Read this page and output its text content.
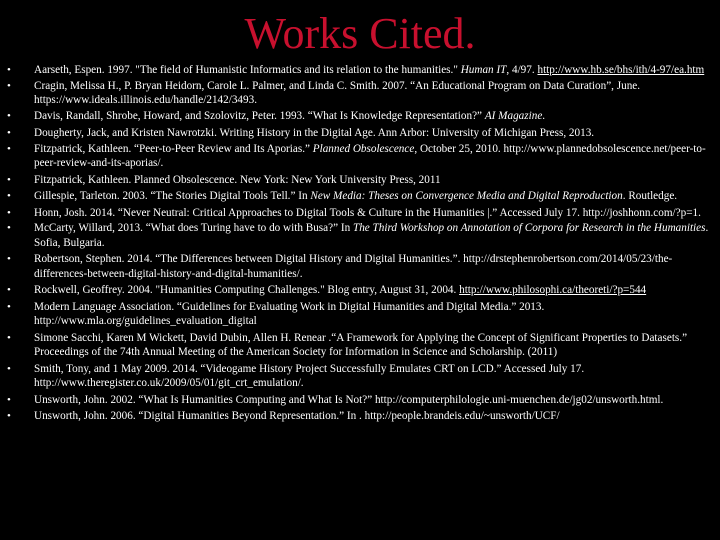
Works Cited.
• Aarseth, Espen. 1997. "The field of Humanistic Informatics and its relation to the humanities." Human IT, 4/97. http://www.hb.se/bhs/ith/4-97/ea.htm
• Cragin, Melissa H., P. Bryan Heidorn, Carole L. Palmer, and Linda C. Smith. 2007. “An Educational Program on Data Curation”, June. https://www.ideals.illinois.edu/handle/2142/3493.
• Davis, Randall, Shrobe, Howard, and Szolovitz, Peter. 1993. “What Is Knowledge Representation?” AI Magazine.
• Dougherty, Jack, and Kristen Nawrotzki. Writing History in the Digital Age. Ann Arbor: University of Michigan Press, 2013.
• Fitzpatrick, Kathleen. “Peer-to-Peer Review and Its Aporias.” Planned Obsolescence, October 25, 2010. http://www.plannedobsolescence.net/peer-to-peer-review-and-its-aporias/.
• Fitzpatrick, Kathleen. Planned Obsolescence. New York: New York University Press, 2011
• Gillespie, Tarleton. 2003. “The Stories Digital Tools Tell.” In New Media: Theses on Convergence Media and Digital Reproduction. Routledge.
• Honn, Josh. 2014. “Never Neutral: Critical Approaches to Digital Tools & Culture in the Humanities |.” Accessed July 17. http://joshhonn.com/?p=1.
• McCarty, Willard, 2013. “What does Turing have to do with Busa?” In The Third Workshop on Annotation of Corpora for Research in the Humanities. Sofia, Bulgaria.
• Robertson, Stephen. 2014. “The Differences between Digital History and Digital Humanities.”. http://drstephenrobertson.com/2014/05/23/the-differences-between-digital-history-and-digital-humanities/.
• Rockwell, Geoffrey. 2004. "Humanities Computing Challenges." Blog entry, August 31, 2004. http://www.philosophi.ca/theoreti/?p=544
• Modern Language Association. “Guidelines for Evaluating Work in Digital Humanities and Digital Media.” 2013. http://www.mla.org/guidelines_evaluation_digital
• Simone Sacchi, Karen M Wickett, David Dubin, Allen H. Renear .“A Framework for Applying the Concept of Significant Properties to Datasets.” Proceedings of the 74th Annual Meeting of the American Society for Information in Science and Scholarship. (2011)
• Smith, Tony, and 1 May 2009. 2014. “Videogame History Project Successfully Emulates CRT on LCD.” Accessed July 17. http://www.theregister.co.uk/2009/05/01/git_crt_emulation/.
• Unsworth, John. 2002. “What Is Humanities Computing and What Is Not?” http://computerphilologie.uni-muenchen.de/jg02/unsworth.html.
• Unsworth, John. 2006. “Digital Humanities Beyond Representation.” In . http://people.brandeis.edu/~unsworth/UCF/
